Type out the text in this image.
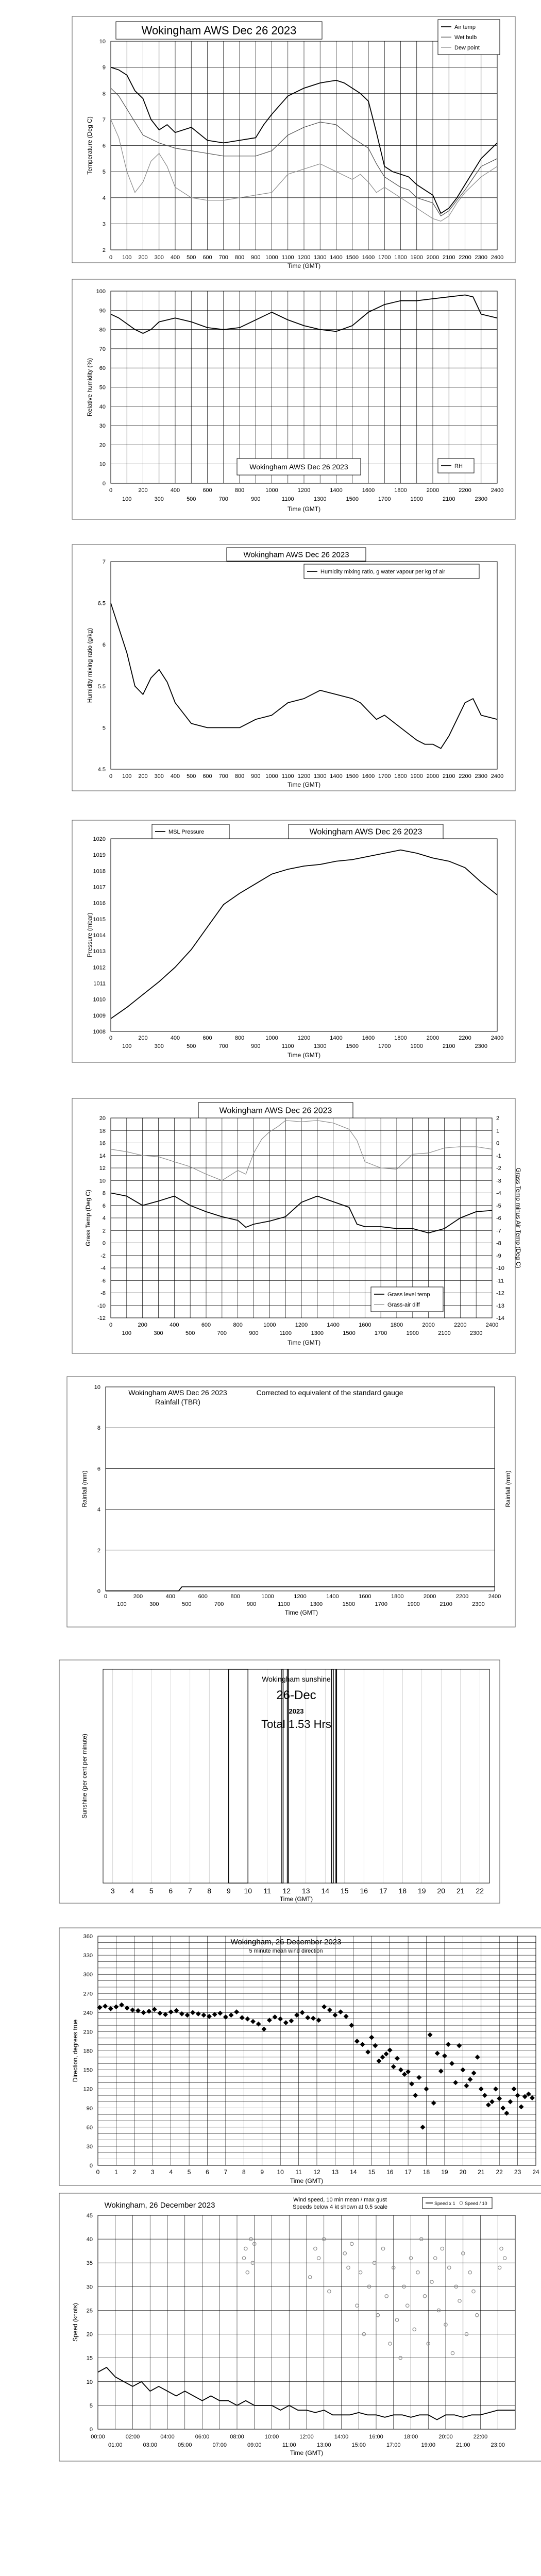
2
3
4
5
6
7
8
9
10
0 100 200 300 400 500 600 700 800 900 1000 1100 1200 1300 1400 1500 1600 1700 1800 1900 2000 2100 2200 2300 2400
Wokingham AWS Dec 26 2023	Air temp
Wet bulb
Dew point
Time (GMT)
Temperature (Deg C)
0
10
20
30
40
50
60
70
80
90
100
0	200	400	600	800	1000	1200	1400	1600	1800	2000	2200	2400
100	300	500	700	900	1100	1300	1500	1700	1900	2100	2300
Wokingham AWS Dec 26 2023	RH
Time (GMT)
Relative humidity (%)
4.5
5
5.5
6
6.5
7
0 100 200 300 400 500 600 700 800 900 1000 1100 1200 1300 1400 1500 1600 1700 1800 1900 2000 2100 2200 2300 2400
Wokingham AWS Dec 26 2023
Humidity mixing ratio, g water vapour per kg of air
Time (GMT)
Humidity mixing ratio (g/kg)
1008
1009
1010
1011
1012
1013
1014
1015
1016
1017
1018
1019
1020
0	200	400	600	800	1000	1200	1400	1600	1800	2000	2200	2400
100	300	500	700	900	1100	1300	1500	1700	1900	2100	2300
MSL Pressure	Wokingham AWS Dec 26 2023
Time (GMT)
Pressure (mbar)
-12
-10
-8
-6
-4
-2
0
2
4
6
8
10
12
14
16
18
20
-14
-13
-12
-11
-10
-9
-8
-7
-6
-5
-4
-3
-2
-1
0
1
2
0	200	400	600	800	1000	1200	1400	1600	1800	2000	2200	2400
100	300	500	700	900	1100	1300	1500	1700	1900	2100	2300
Wokingham AWS Dec 26 2023
Grass level temp
Grass-air diff
Time (GMT)
Grass Temp (Deg C)	Grass Temp minus Air Temp (Deg C)
0
2
4
6
8
10
0	200	400	600	800	1000	1200	1400	1600	1800	2000	2200	2400
100	300	500	700	900	1100	1300	1500	1700	1900	2100	2300
Wokingham AWS Dec 26 2023
Rainfall (TBR)
Corrected to equivalent of the standard gauge
Time (GMT)
Rainfall (mm)	Rainfall (mm)
3 4 5 6 7 8 9 10 11 12 13 14 15 16 17 18 19 20 21 22
Wokingham sunshine
26-Dec
2023
Total 1.53 Hrs
Time (GMT)
Sunshine (per cent per minute)
0
30
60
90
120
150
180
210
240
270
300
330
360
0 1 2 3 4 5 6 7 8 9 10 11 12 13 14 15 16 17 18 19 20 21 22 23 24
Wokingham, 26 December 2023
5 minute mean wind direction
Time (GMT)
Direction, degrees true
0
5
10
15
20
25
30
35
40
45
00:00	02:00	04:00	06:00	08:00	10:00	12:00	14:00	16:00	18:00	20:00	22:00
01:00	03:00	05:00	07:00	09:00	11:00	13:00	15:00	17:00	19:00	21:00	23:00
Wokingham, 26 December 2023
Wind speed, 10 min mean / max gust
Speeds below 4 kt shown at 0.5 scale
Speed x 1 Speed / 10
Time (GMT)
Speed (knots)
